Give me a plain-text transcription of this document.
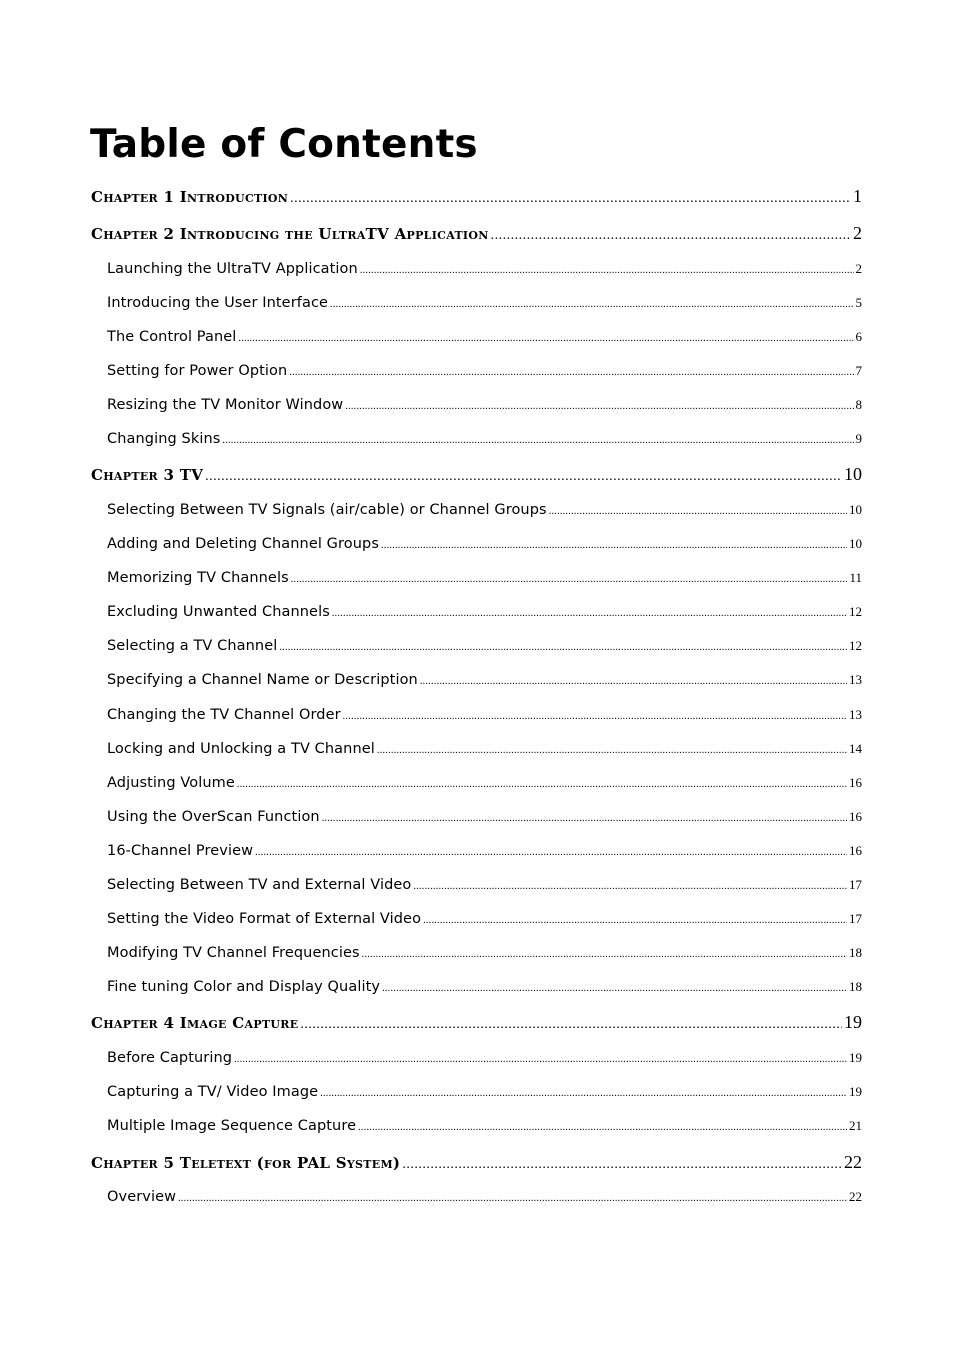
Table of Contents
Chapter 1 Introduction .....	1
Chapter 2 Introducing the UltraTV Application .....	2
Launching the UltraTV Application .....	2
Introducing the User Interface .....	5
The Control Panel .....	6
Setting for Power Option .....	7
Resizing the TV Monitor Window .....	8
Changing Skins .....	9
Chapter 3 TV .....	10
Selecting Between TV Signals (air/cable) or Channel Groups .....	10
Adding and Deleting Channel Groups .....	10
Memorizing TV Channels .....	11
Excluding Unwanted Channels .....	12
Selecting a TV Channel .....	12
Specifying a Channel Name or Description .....	13
Changing the TV Channel Order .....	13
Locking and Unlocking a TV Channel .....	14
Adjusting Volume .....	16
Using the OverScan Function .....	16
16-Channel Preview .....	16
Selecting Between TV and External Video .....	17
Setting the Video Format of External Video .....	17
Modifying TV Channel Frequencies .....	18
Fine tuning Color and Display Quality .....	18
Chapter 4 Image Capture .....	19
Before Capturing .....	19
Capturing a TV/ Video Image .....	19
Multiple Image Sequence Capture .....	21
Chapter 5 Teletext (for PAL System) .....	22
Overview .....	22
